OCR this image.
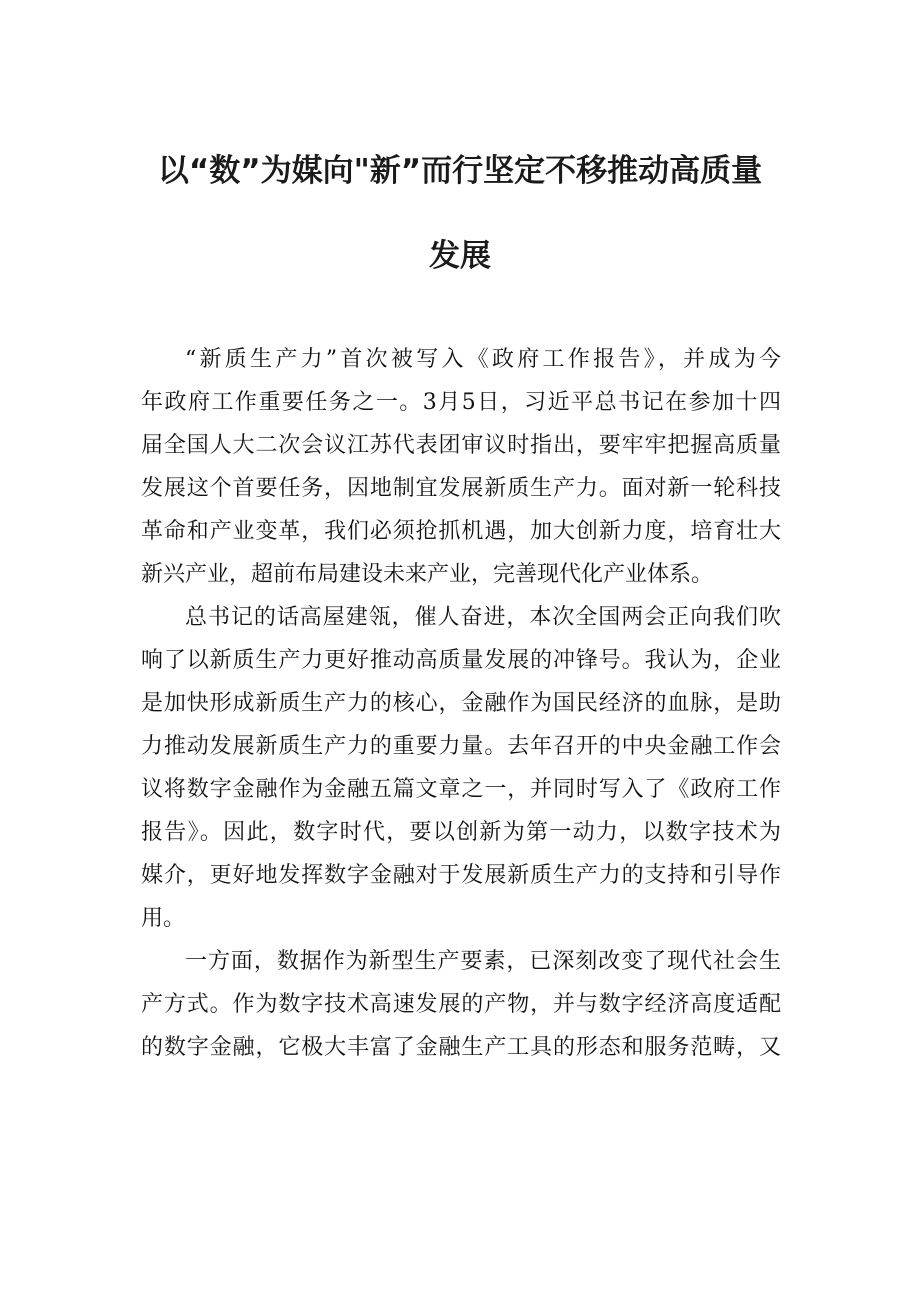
以“数”为媒向"新”而行坚定不移推动高质量
发展
“新质生产力”首次被写入《政府工作报告》，并成为今
年政府工作重要任务之一。3月5日，习近平总书记在参加十四
届全国人大二次会议江苏代表团审议时指出，要牢牢把握高质量
发展这个首要任务，因地制宜发展新质生产力。面对新一轮科技
革命和产业变革，我们必须抢抓机遇，加大创新力度，培育壮大
新兴产业，超前布局建设未来产业，完善现代化产业体系。
总书记的话高屋建瓴，催人奋进，本次全国两会正向我们吹
响了以新质生产力更好推动高质量发展的冲锋号。我认为，企业
是加快形成新质生产力的核心，金融作为国民经济的血脉，是助
力推动发展新质生产力的重要力量。去年召开的中央金融工作会
议将数字金融作为金融五篇文章之一，并同时写入了《政府工作
报告》。因此，数字时代，要以创新为第一动力，以数字技术为
媒介，更好地发挥数字金融对于发展新质生产力的支持和引导作
用。
一方面，数据作为新型生产要素，已深刻改变了现代社会生
产方式。作为数字技术高速发展的产物，并与数字经济高度适配
的数字金融，它极大丰富了金融生产工具的形态和服务范畴，又
